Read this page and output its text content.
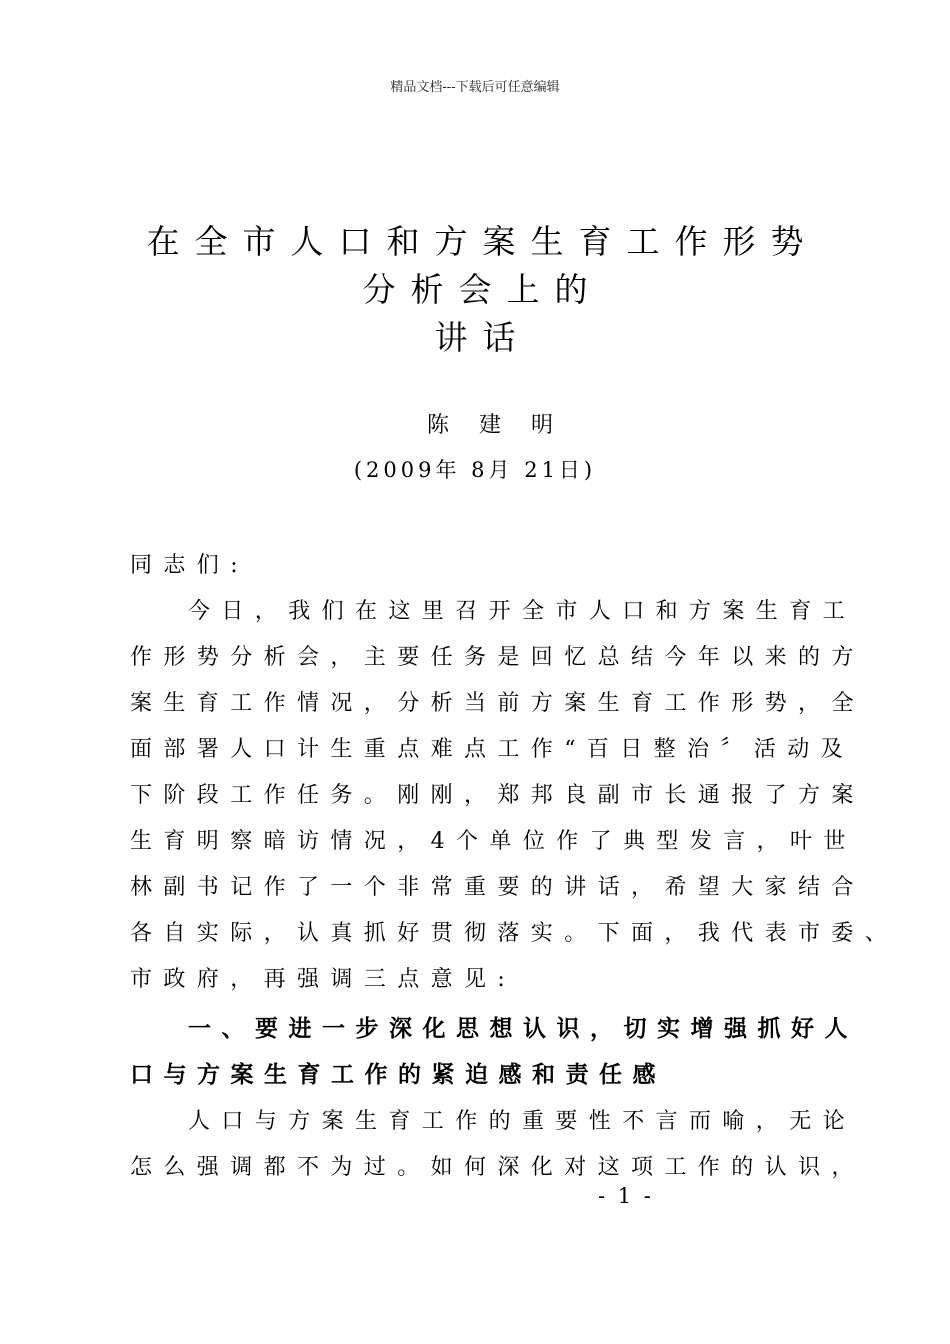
精品文档---下载后可任意编辑
在全市人口和方案生育工作形势
分析会上的
讲话
陈建明
(2009年 8月 21日)
同志们:
今日，我们在这里召开全市人口和方案生育工
作形势分析会，主要任务是回忆总结今年以来的方
案生育工作情况，分析当前方案生育工作形势，全
面部署人口计生重点难点工作“百日整治〞活动及
下阶段工作任务。刚刚，郑邦良副市长通报了方案
生育明察暗访情况，4个单位作了典型发言，叶世
林副书记作了一个非常重要的讲话，希望大家结合
各自实际，认真抓好贯彻落实。下面，我代表市委、
市政府，再强调三点意见:
一、要进一步深化思想认识，切实增强抓好人
口与方案生育工作的紧迫感和责任感
人口与方案生育工作的重要性不言而喻，无论
怎么强调都不为过。如何深化对这项工作的认识，
- 1 -
